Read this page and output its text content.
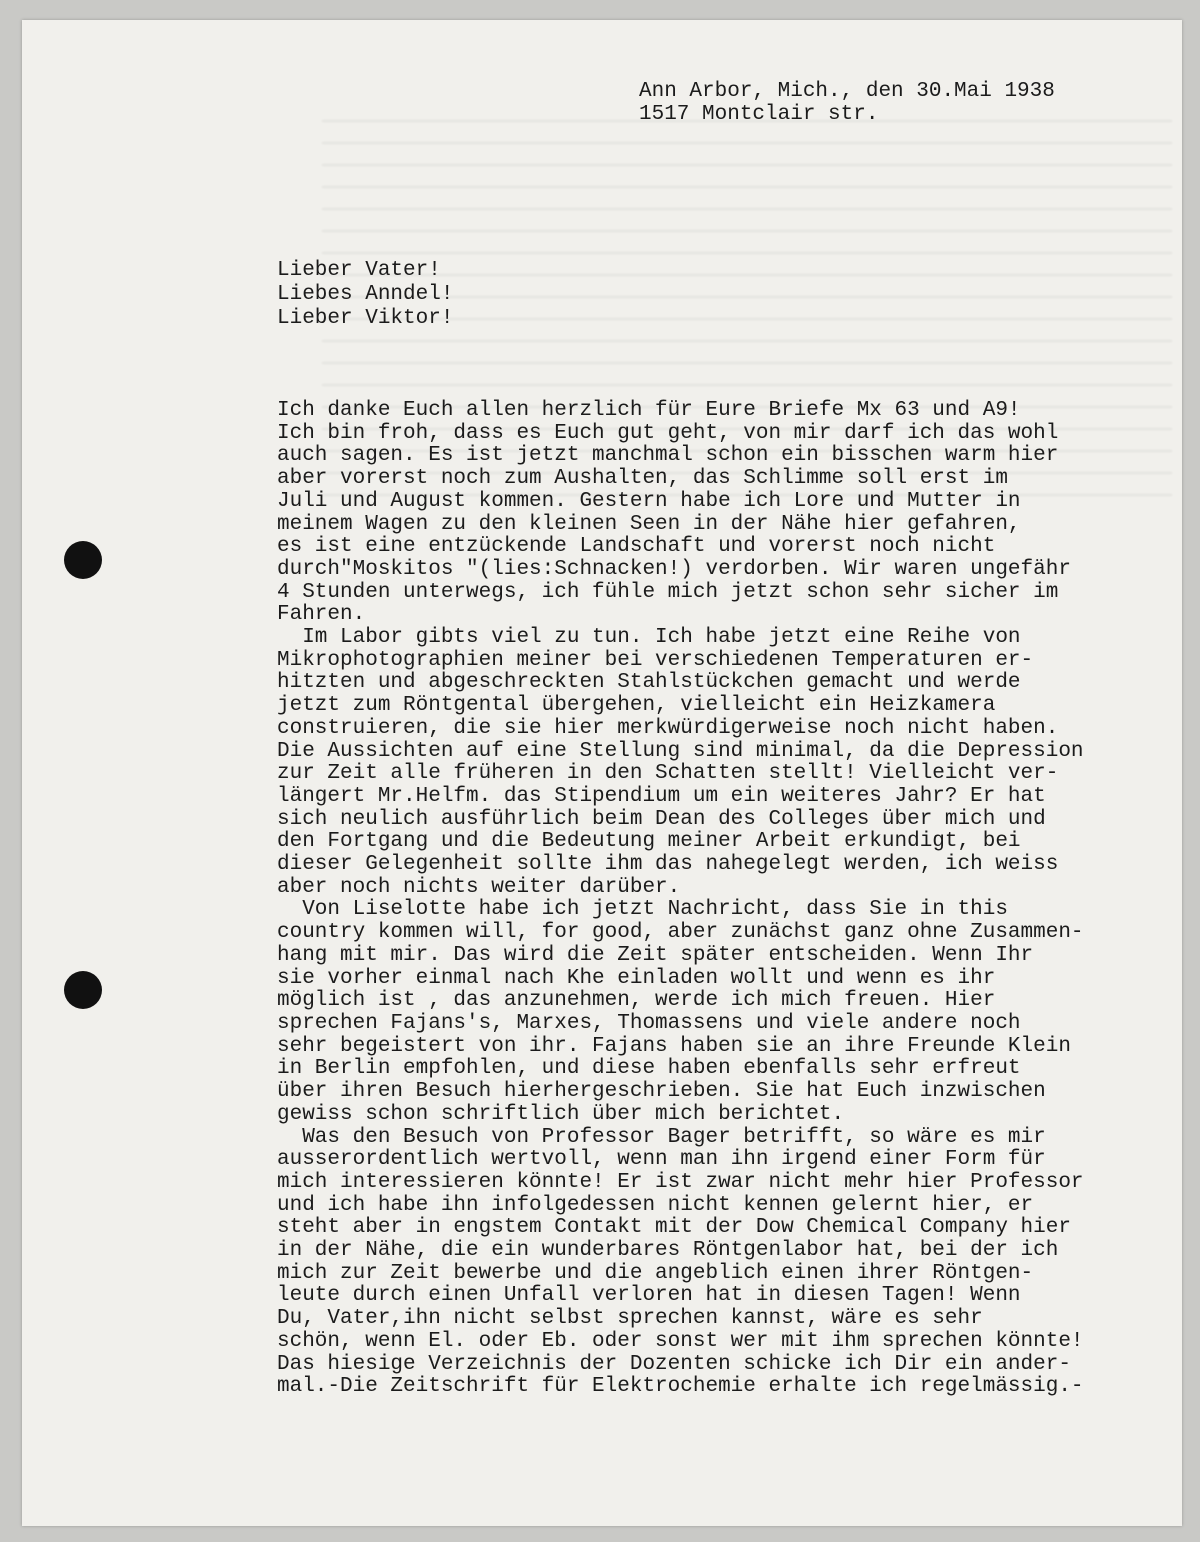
Ann Arbor, Mich., den 30.Mai 1938
1517 Montclair str.
Lieber Vater!
Liebes Anndel!
Lieber Viktor!
Ich danke Euch allen herzlich für Eure Briefe Mx 63 und A9!
Ich bin froh, dass es Euch gut geht, von mir darf ich das wohl
auch sagen. Es ist jetzt manchmal schon ein bisschen warm hier
aber vorerst noch zum Aushalten, das Schlimme soll erst im
Juli und August kommen. Gestern habe ich Lore und Mutter in
meinem Wagen zu den kleinen Seen in der Nähe hier gefahren,
es ist eine entzückende Landschaft und vorerst noch nicht
durch"Moskitos "(lies:Schnacken!) verdorben. Wir waren ungefähr
4 Stunden unterwegs, ich fühle mich jetzt schon sehr sicher im
Fahren.
Im Labor gibts viel zu tun. Ich habe jetzt eine Reihe von
Mikrophotographien meiner bei verschiedenen Temperaturen er-
hitzten und abgeschreckten Stahlstückchen gemacht und werde
jetzt zum Röntgental übergehen, vielleicht ein Heizkamera
construieren, die sie hier merkwürdigerweise noch nicht haben.
Die Aussichten auf eine Stellung sind minimal, da die Depression
zur Zeit alle früheren in den Schatten stellt! Vielleicht ver-
längert Mr.Helfm. das Stipendium um ein weiteres Jahr? Er hat
sich neulich ausführlich beim Dean des Colleges über mich und
den Fortgang und die Bedeutung meiner Arbeit erkundigt, bei
dieser Gelegenheit sollte ihm das nahegelegt werden, ich weiss
aber noch nichts weiter darüber.
Von Liselotte habe ich jetzt Nachricht, dass Sie in this
country kommen will, for good, aber zunächst ganz ohne Zusammen-
hang mit mir. Das wird die Zeit später entscheiden. Wenn Ihr
sie vorher einmal nach Khe einladen wollt und wenn es ihr
möglich ist , das anzunehmen, werde ich mich freuen. Hier
sprechen Fajans's, Marxes, Thomassens und viele andere noch
sehr begeistert von ihr. Fajans haben sie an ihre Freunde Klein
in Berlin empfohlen, und diese haben ebenfalls sehr erfreut
über ihren Besuch hierhergeschrieben. Sie hat Euch inzwischen
gewiss schon schriftlich über mich berichtet.
Was den Besuch von Professor Bager betrifft, so wäre es mir
ausserordentlich wertvoll, wenn man ihn irgend einer Form für
mich interessieren könnte! Er ist zwar nicht mehr hier Professor
und ich habe ihn infolgedessen nicht kennen gelernt hier, er
steht aber in engstem Contakt mit der Dow Chemical Company hier
in der Nähe, die ein wunderbares Röntgenlabor hat, bei der ich
mich zur Zeit bewerbe und die angeblich einen ihrer Röntgen-
leute durch einen Unfall verloren hat in diesen Tagen! Wenn
Du, Vater,ihn nicht selbst sprechen kannst, wäre es sehr
schön, wenn El. oder Eb. oder sonst wer mit ihm sprechen könnte!
Das hiesige Verzeichnis der Dozenten schicke ich Dir ein ander-
mal.-Die Zeitschrift für Elektrochemie erhalte ich regelmässig.-
